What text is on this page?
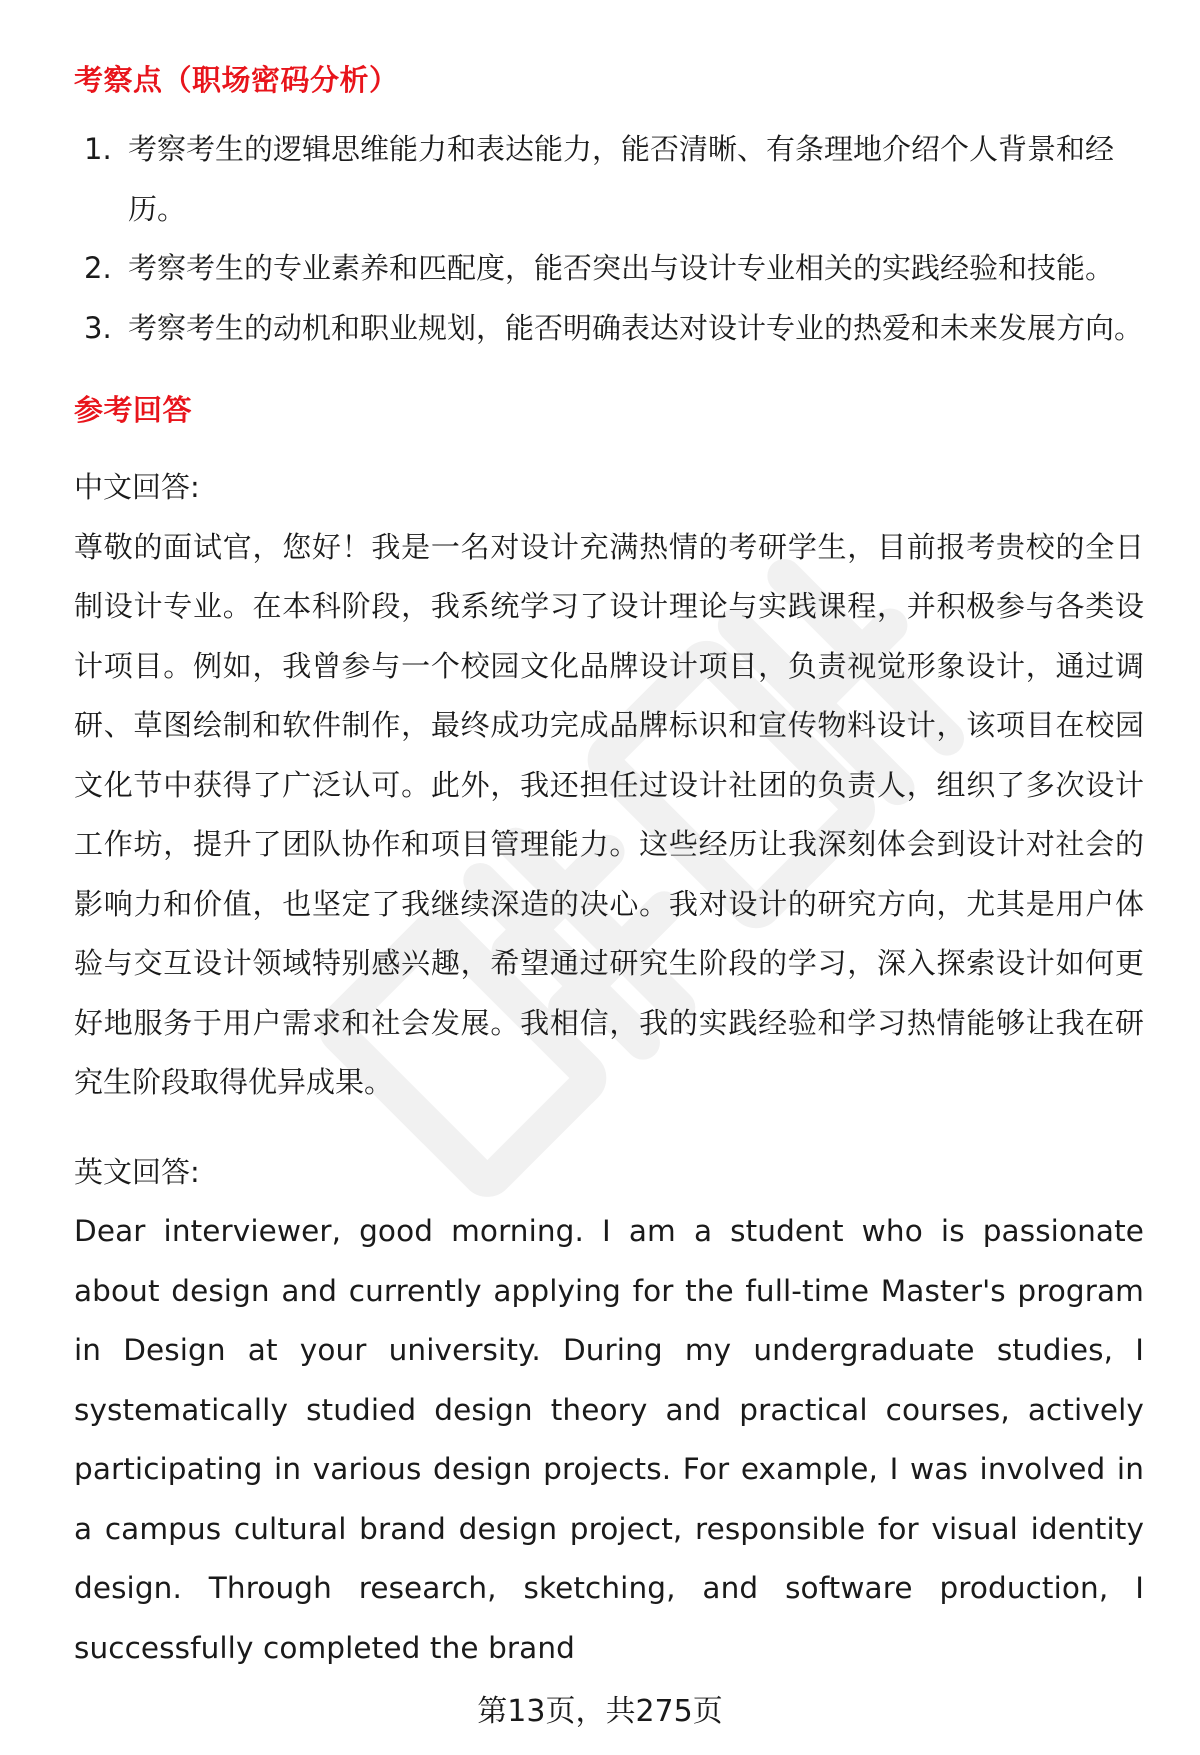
考察点（职场密码分析）
1. 考察考生的逻辑思维能力和表达能力，能否清晰、有条理地介绍个人背景和经历。
2. 考察考生的专业素养和匹配度，能否突出与设计专业相关的实践经验和技能。
3. 考察考生的动机和职业规划，能否明确表达对设计专业的热爱和未来发展方向。
参考回答

中文回答:

尊敬的面试官，您好！我是一名对设计充满热情的考研学生，目前报考贵校的全日制设计专业。在本科阶段，我系统学习了设计理论与实践课程，并积极参与各类设计项目。例如，我曾参与一个校园文化品牌设计项目，负责视觉形象设计，通过调研、草图绘制和软件制作，最终成功完成品牌标识和宣传物料设计，该项目在校园文化节中获得了广泛认可。此外，我还担任过设计社团的负责人，组织了多次设计工作坊，提升了团队协作和项目管理能力。这些经历让我深刻体会到设计对社会的影响力和价值，也坚定了我继续深造的决心。我对设计的研究方向，尤其是用户体验与交互设计领域特别感兴趣，希望通过研究生阶段的学习，深入探索设计如何更好地服务于用户需求和社会发展。我相信，我的实践经验和学习热情能够让我在研究生阶段取得优异成果。

英文回答:

Dear interviewer, good morning. I am a student who is passionate about design and currently applying for the full-time Master's program in Design at your university. During my undergraduate studies, I systematically studied design theory and practical courses, actively participating in various design projects. For example, I was involved in a campus cultural brand design project, responsible for visual identity design. Through research, sketching, and software production, I successfully completed the brand

第13页，共275页
